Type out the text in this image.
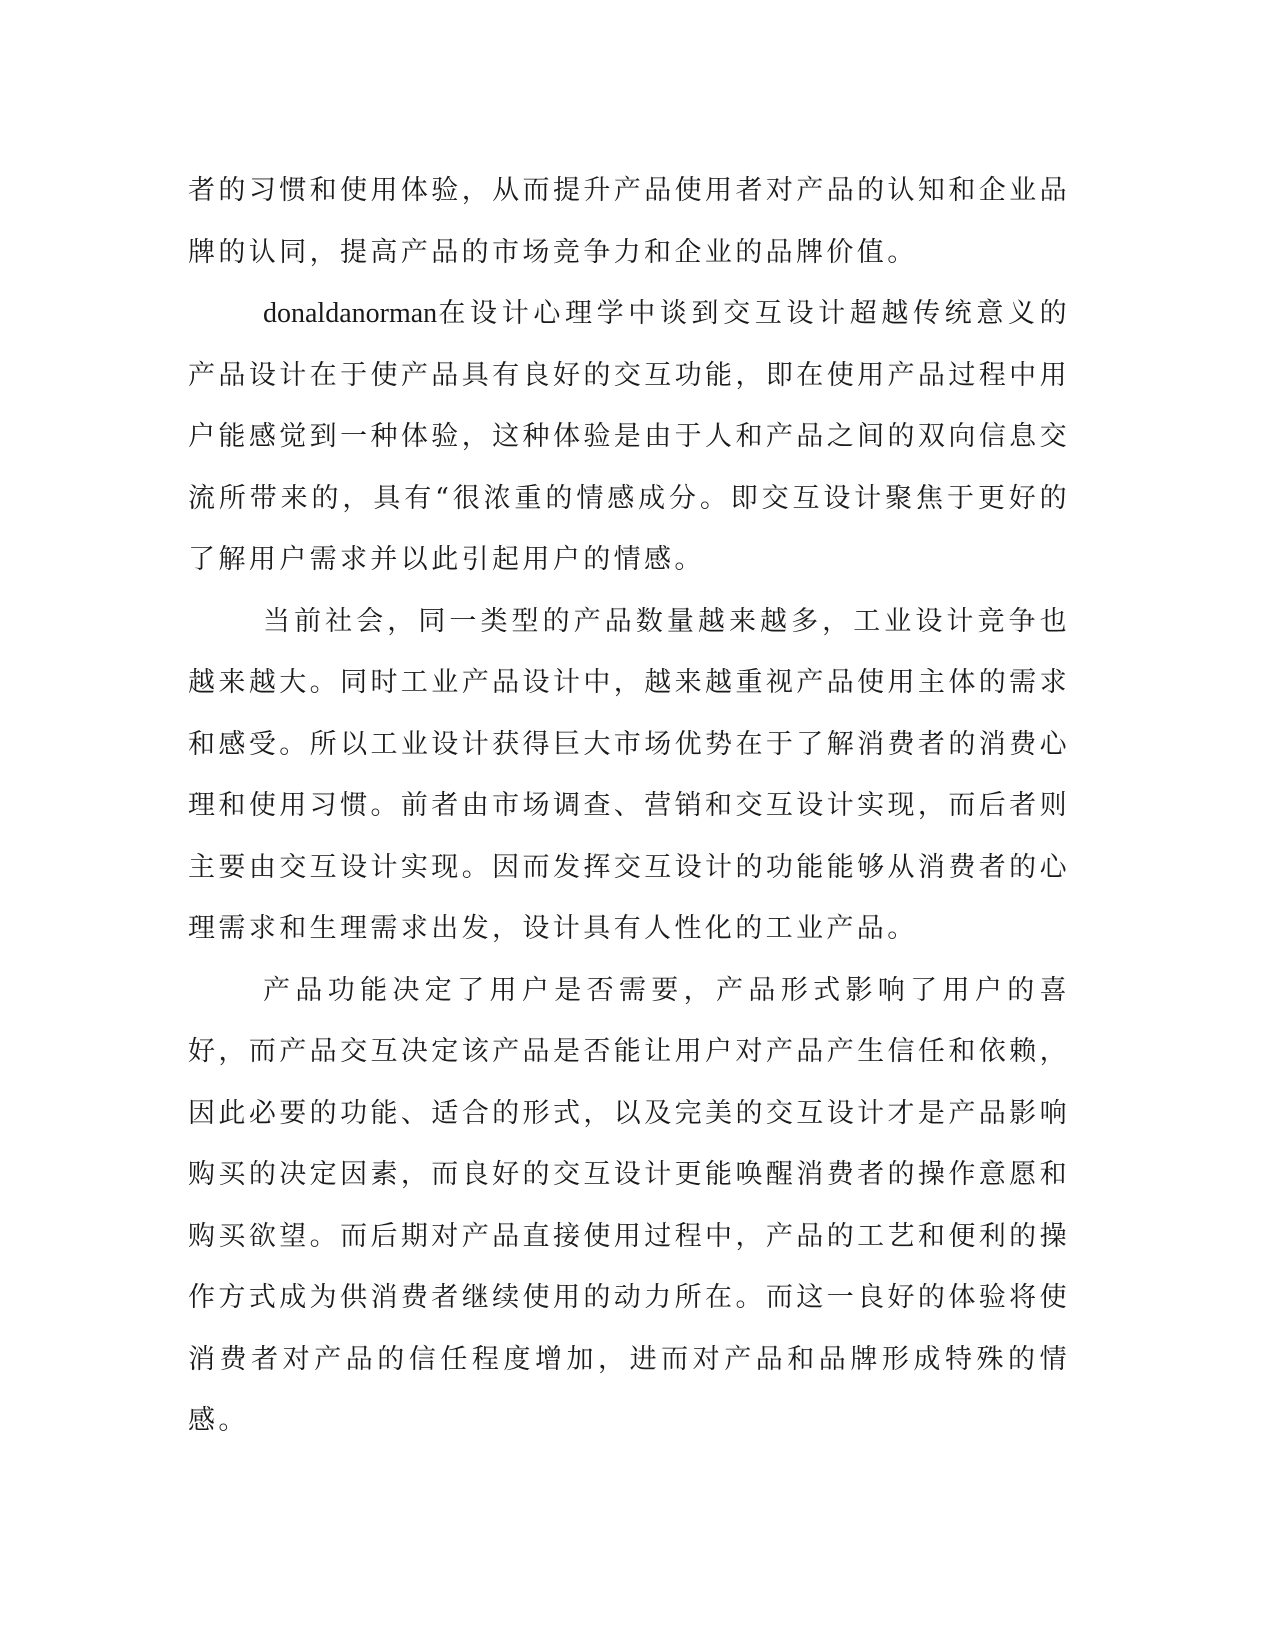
者的习惯和使用体验，从而提升产品使用者对产品的认知和企业品牌的认同，提高产品的市场竞争力和企业的品牌价值。

donaldanorman在设计心理学中谈到交互设计超越传统意义的产品设计在于使产品具有良好的交互功能，即在使用产品过程中用户能感觉到一种体验，这种体验是由于人和产品之间的双向信息交流所带来的，具有“很浓重的情感成分。即交互设计聚焦于更好的了解用户需求并以此引起用户的情感。

当前社会，同一类型的产品数量越来越多，工业设计竞争也越来越大。同时工业产品设计中，越来越重视产品使用主体的需求和感受。所以工业设计获得巨大市场优势在于了解消费者的消费心理和使用习惯。前者由市场调查、营销和交互设计实现，而后者则主要由交互设计实现。因而发挥交互设计的功能能够从消费者的心理需求和生理需求出发，设计具有人性化的工业产品。

产品功能决定了用户是否需要，产品形式影响了用户的喜好，而产品交互决定该产品是否能让用户对产品产生信任和依赖，因此必要的功能、适合的形式，以及完美的交互设计才是产品影响购买的决定因素，而良好的交互设计更能唤醒消费者的操作意愿和购买欲望。而后期对产品直接使用过程中，产品的工艺和便利的操作方式成为供消费者继续使用的动力所在。而这一良好的体验将使消费者对产品的信任程度增加，进而对产品和品牌形成特殊的情感。
